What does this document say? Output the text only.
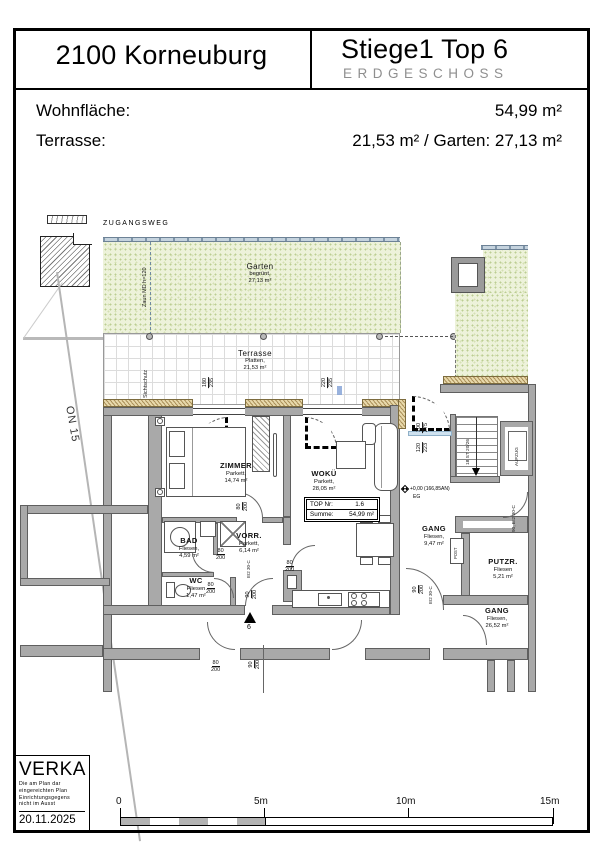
2100 Korneuburg	Stiege1 Top 6
ERDGESCHOSS
Wohnfläche:	54,99 m²
Terrasse:	21,53 m² / Garten: 27,13 m²
ON 15
ZUGANGSWEG
Garten
begrünt,
27,13 m²
Zaun MD h=120
Terrasse
Platten,
21,53 m²
Sichtschutz	180 235	220 235
100 275
120 223	18 ST 20/26	AUFZUG
+0,00 (166,85AN)
EG
90, EI2 30-C
POST
90 200 EI2 30-C
$\frac{80}{200}$	90 200
80 200
$\frac{80}{200}$
$\frac{80}{200}$
$\frac{80}{200}$	90 200
EI2 30-C
6
ZIMMER
Parkett,
14,74 m²
BAD
Fliesen,
4,59 m²
VORR.
Parkett,
6,14 m²
WC
Fliesen
1,47 m²
WOKÜ
Parkett,
28,05 m²
GANG
Fliesen,
9,47 m²
PUTZR.
Fliesen
5,21 m²
GANG
Fliesen,
26,52 m²
TOP Nr:	1.6
Summe: 54,99 m²
VERKA
Die am Plan dar
eingereichten Plan
Einrichtungsgegens
nicht im Ausst
20.11.2025
0	5m	10m	15m
